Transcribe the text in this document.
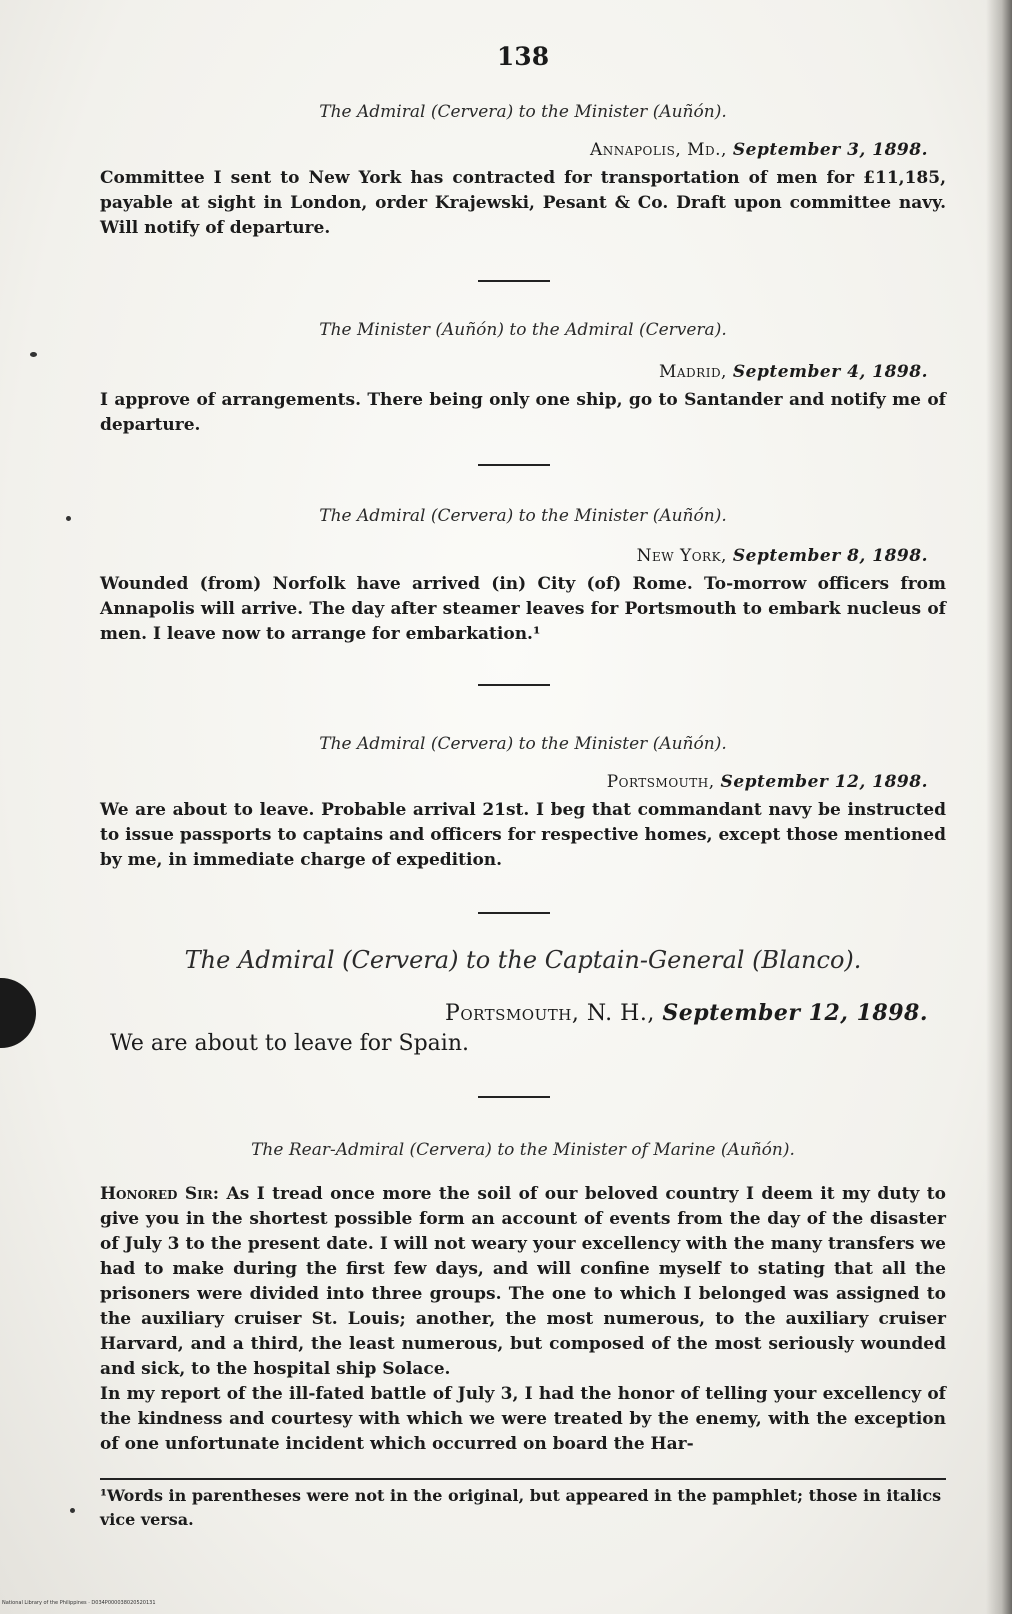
138
The Admiral (Cervera) to the Minister (Auñón).
Annapolis, Md., September 3, 1898.

Committee I sent to New York has contracted for transportation of men for £11,185, payable at sight in London, order Krajewski, Pesant & Co. Draft upon committee navy. Will notify of departure.

The Minister (Auñón) to the Admiral (Cervera).
Madrid, September 4, 1898.

I approve of arrangements. There being only one ship, go to Santander and notify me of departure.

The Admiral (Cervera) to the Minister (Auñón).
New York, September 8, 1898.

Wounded (from) Norfolk have arrived (in) City (of) Rome. To-morrow officers from Annapolis will arrive. The day after steamer leaves for Portsmouth to embark nucleus of men. I leave now to arrange for embarkation.¹

The Admiral (Cervera) to the Minister (Auñón).
Portsmouth, September 12, 1898.

We are about to leave. Probable arrival 21st. I beg that commandant navy be instructed to issue passports to captains and officers for respective homes, except those mentioned by me, in immediate charge of expedition.

The Admiral (Cervera) to the Captain-General (Blanco).
Portsmouth, N. H., September 12, 1898.

We are about to leave for Spain.

The Rear-Admiral (Cervera) to the Minister of Marine (Auñón).

Honored Sir: As I tread once more the soil of our beloved country I deem it my duty to give you in the shortest possible form an account of events from the day of the disaster of July 3 to the present date. I will not weary your excellency with the many transfers we had to make during the first few days, and will confine myself to stating that all the prisoners were divided into three groups. The one to which I belonged was assigned to the auxiliary cruiser St. Louis; another, the most numerous, to the auxiliary cruiser Harvard, and a third, the least numerous, but composed of the most seriously wounded and sick, to the hospital ship Solace.

In my report of the ill-fated battle of July 3, I had the honor of telling your excellency of the kindness and courtesy with which we were treated by the enemy, with the exception of one unfortunate incident which occurred on board the Har-

¹Words in parentheses were not in the original, but appeared in the pamphlet; those in italics vice versa.
National Library of the Philippines · D034P000038020520131
